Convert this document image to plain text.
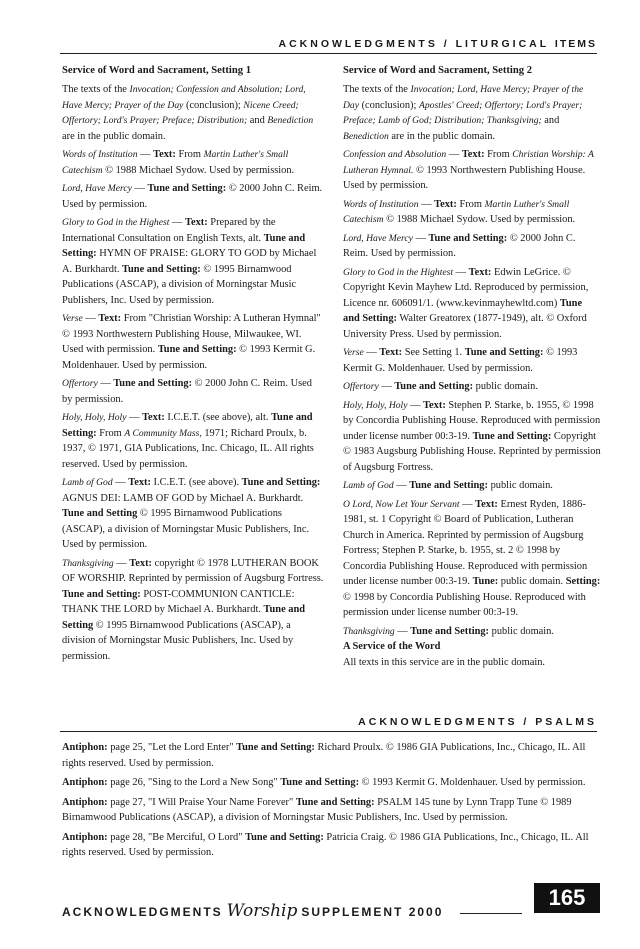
ACKNOWLEDGMENTS / LITURGICAL ITEMS
Service of Word and Sacrament, Setting 1

The texts of the Invocation; Confession and Absolution; Lord, Have Mercy; Prayer of the Day (conclusion); Nicene Creed; Offertory; Lord's Prayer; Preface; Distribution; and Benediction are in the public domain.

Words of Institution — Text: From Martin Luther's Small Catechism © 1988 Michael Sydow. Used by permission.

Lord, Have Mercy — Tune and Setting: © 2000 John C. Reim. Used by permission.

Glory to God in the Highest — Text: Prepared by the International Consultation on English Texts, alt. Tune and Setting: HYMN OF PRAISE: GLORY TO GOD by Michael A. Burkhardt. Tune and Setting: © 1995 Birnamwood Publications (ASCAP), a division of Morningstar Music Publishers, Inc. Used by permission.

Verse — Text: From "Christian Worship: A Lutheran Hymnal" © 1993 Northwestern Publishing House, Milwaukee, WI. Used with permission. Tune and Setting: © 1993 Kermit G. Moldenhauer. Used by permission.

Offertory — Tune and Setting: © 2000 John C. Reim. Used by permission.

Holy, Holy, Holy — Text: I.C.E.T. (see above), alt. Tune and Setting: From A Community Mass, 1971; Richard Proulx, b. 1937, © 1971, GIA Publications, Inc. Chicago, IL. All rights reserved. Used by permission.

Lamb of God — Text: I.C.E.T. (see above). Tune and Setting: AGNUS DEI: LAMB OF GOD by Michael A. Burkhardt. Tune and Setting © 1995 Birnamwood Publications (ASCAP), a division of Morningstar Music Publishers, Inc. Used by permission.

Thanksgiving — Text: copyright © 1978 LUTHERAN BOOK OF WORSHIP. Reprinted by permission of Augsburg Fortress. Tune and Setting: POST-COMMUNION CANTICLE: THANK THE LORD by Michael A. Burkhardt. Tune and Setting © 1995 Birnamwood Publications (ASCAP), a division of Morningstar Music Publishers, Inc. Used by permission.

Service of Word and Sacrament, Setting 2

The texts of the Invocation; Lord, Have Mercy; Prayer of the Day (conclusion); Apostles' Creed; Offertory; Lord's Prayer; Preface; Lamb of God; Distribution; Thanksgiving; and Benediction are in the public domain.

Confession and Absolution — Text: From Christian Worship: A Lutheran Hymnal. © 1993 Northwestern Publishing House. Used by permission.

Words of Institution — Text: From Martin Luther's Small Catechism © 1988 Michael Sydow. Used by permission.

Lord, Have Mercy — Tune and Setting: © 2000 John C. Reim. Used by permission.

Glory to God in the Hightest — Text: Edwin LeGrice. © Copyright Kevin Mayhew Ltd. Reproduced by permission, Licence nr. 606091/1. (www.kevinmayhewltd.com) Tune and Setting: Walter Greatorex (1877-1949), alt. © Oxford University Press. Used by permission.

Verse — Text: See Setting 1. Tune and Setting: © 1993 Kermit G. Moldenhauer. Used by permission.

Offertory — Tune and Setting: public domain.

Holy, Holy, Holy — Text: Stephen P. Starke, b. 1955, © 1998 by Concordia Publishing House. Reproduced with permission under license number 00:3-19. Tune and Setting: Copyright © 1983 Augsburg Publishing House. Reprinted by permission of Augsburg Fortress.

Lamb of God — Tune and Setting: public domain.

O Lord, Now Let Your Servant — Text: Ernest Ryden, 1886-1981, st. 1 Copyright © Board of Publication, Lutheran Church in America. Reprinted by permission of Augsburg Fortress; Stephen P. Starke, b. 1955, st. 2 © 1998 by Concordia Publishing House. Reproduced with permission under license number 00:3-19. Tune: public domain. Setting: © 1998 by Concordia Publishing House. Reproduced with permission under license number 00:3-19.

Thanksgiving — Tune and Setting: public domain.

A Service of the Word
All texts in this service are in the public domain.
ACKNOWLEDGMENTS / PSALMS

Antiphon: page 25, "Let the Lord Enter" Tune and Setting: Richard Proulx. © 1986 GIA Publications, Inc., Chicago, IL. All rights reserved. Used by permission.

Antiphon: page 26, "Sing to the Lord a New Song" Tune and Setting: © 1993 Kermit G. Moldenhauer. Used by permission.

Antiphon: page 27, "I Will Praise Your Name Forever" Tune and Setting: PSALM 145 tune by Lynn Trapp Tune © 1989 Birnamwood Publications (ASCAP), a division of Morningstar Music Publishers, Inc. Used by permission.

Antiphon: page 28, "Be Merciful, O Lord" Tune and Setting: Patricia Craig. © 1986 GIA Publications, Inc., Chicago, IL. All rights reserved. Used by permission.

ACKNOWLEDGMENTS Worship SUPPLEMENT 2000
165
